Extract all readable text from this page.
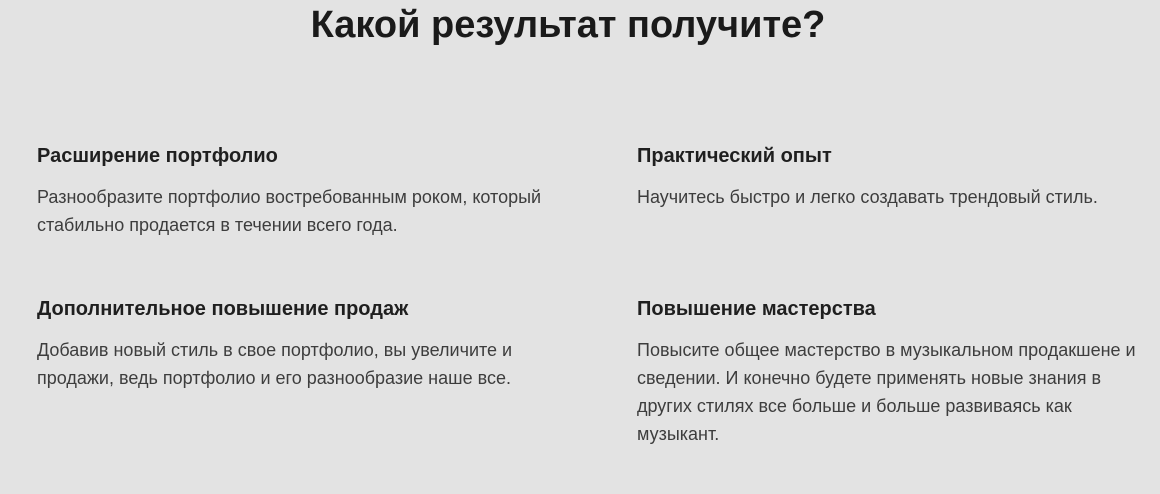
Какой результат получите?
Расширение портфолио

Разнообразите портфолио востребованным роком, который стабильно продается в течении всего года.

Практический опыт

Научитесь быстро и легко создавать трендовый стиль.

Дополнительное повышение продаж

Добавив новый стиль в свое портфолио, вы увеличите и продажи, ведь портфолио и его разнообразие наше все.

Повышение мастерства

Повысите общее мастерство в музыкальном продакшене и сведении. И конечно будете применять новые знания в других стилях все больше и больше развиваясь как музыкант.
